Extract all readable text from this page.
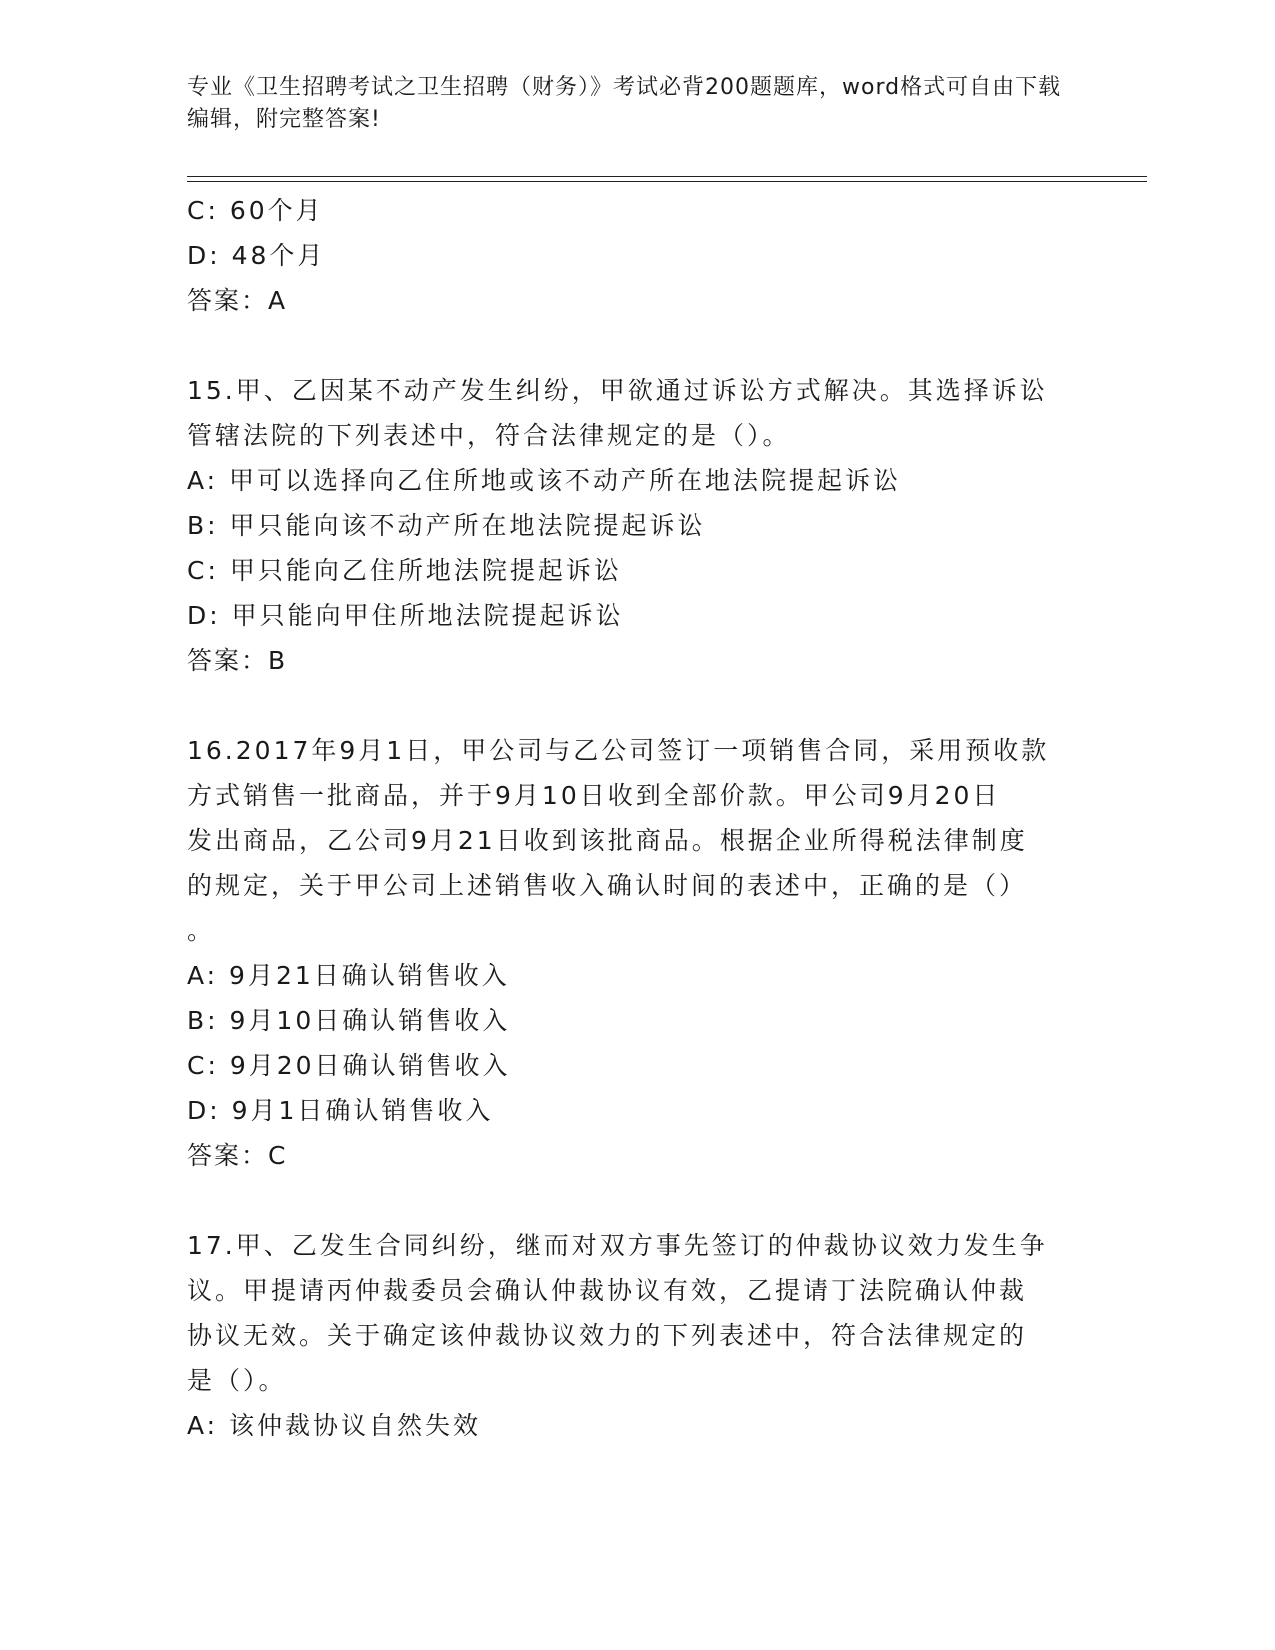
专业《卫生招聘考试之卫生招聘（财务）》考试必背200题题库，word格式可自由下载编辑，附完整答案!
C: 60个月
D: 48个月
答案：A
15.甲、乙因某不动产发生纠纷，甲欲通过诉讼方式解决。其选择诉讼
管辖法院的下列表述中，符合法律规定的是（）。
A: 甲可以选择向乙住所地或该不动产所在地法院提起诉讼
B: 甲只能向该不动产所在地法院提起诉讼
C: 甲只能向乙住所地法院提起诉讼
D: 甲只能向甲住所地法院提起诉讼
答案：B
16.2017年9月1日，甲公司与乙公司签订一项销售合同，采用预收款
方式销售一批商品，并于9月10日收到全部价款。甲公司9月20日
发出商品，乙公司9月21日收到该批商品。根据企业所得税法律制度
的规定，关于甲公司上述销售收入确认时间的表述中，正确的是（）
。
A: 9月21日确认销售收入
B: 9月10日确认销售收入
C: 9月20日确认销售收入
D: 9月1日确认销售收入
答案：C
17.甲、乙发生合同纠纷，继而对双方事先签订的仲裁协议效力发生争
议。甲提请丙仲裁委员会确认仲裁协议有效，乙提请丁法院确认仲裁
协议无效。关于确定该仲裁协议效力的下列表述中，符合法律规定的
是（）。
A: 该仲裁协议自然失效
